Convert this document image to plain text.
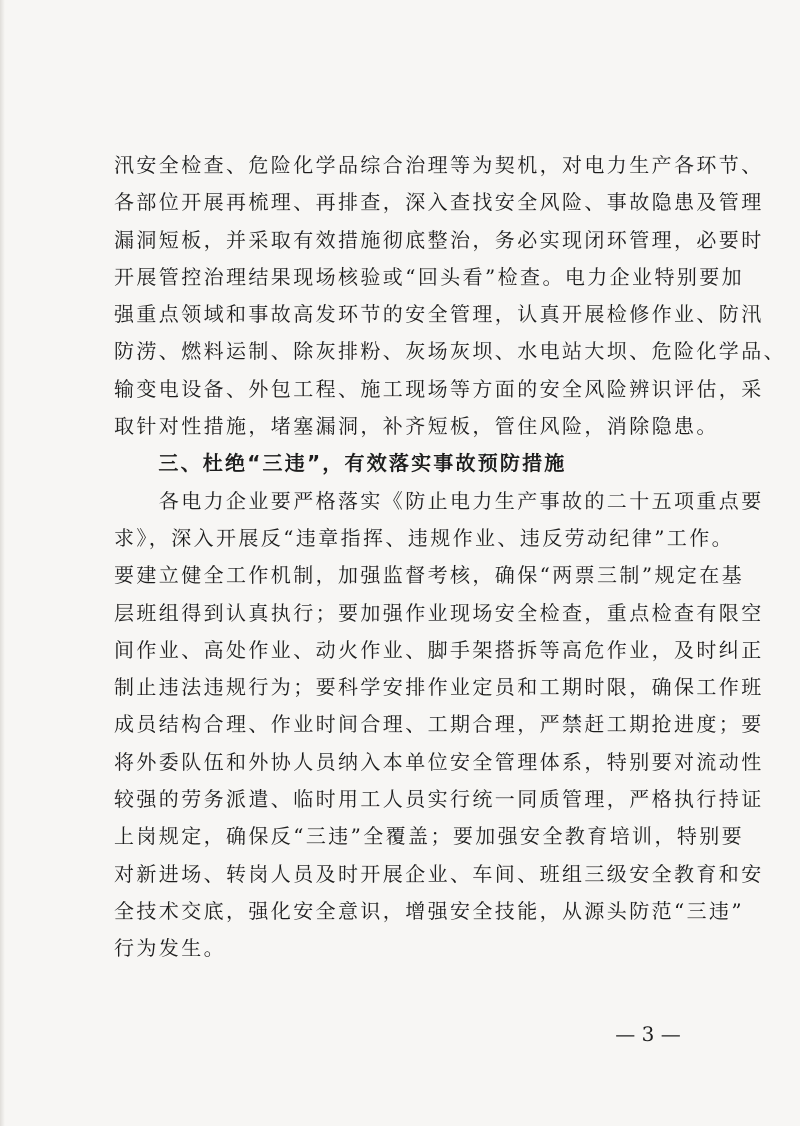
汛安全检查、危险化学品综合治理等为契机，对电力生产各环节、
各部位开展再梳理、再排查，深入查找安全风险、事故隐患及管理
漏洞短板，并采取有效措施彻底整治，务必实现闭环管理，必要时
开展管控治理结果现场核验或“回头看”检查。电力企业特别要加
强重点领域和事故高发环节的安全管理，认真开展检修作业、防汛
防涝、燃料运制、除灰排粉、灰场灰坝、水电站大坝、危险化学品、
输变电设备、外包工程、施工现场等方面的安全风险辨识评估，采
取针对性措施，堵塞漏洞，补齐短板，管住风险，消除隐患。
　　三、杜绝“三违”，有效落实事故预防措施
　　各电力企业要严格落实《防止电力生产事故的二十五项重点要
求》，深入开展反“违章指挥、违规作业、违反劳动纪律”工作。
要建立健全工作机制，加强监督考核，确保“两票三制”规定在基
层班组得到认真执行；要加强作业现场安全检查，重点检查有限空
间作业、高处作业、动火作业、脚手架搭拆等高危作业，及时纠正
制止违法违规行为；要科学安排作业定员和工期时限，确保工作班
成员结构合理、作业时间合理、工期合理，严禁赶工期抢进度；要
将外委队伍和外协人员纳入本单位安全管理体系，特别要对流动性
较强的劳务派遣、临时用工人员实行统一同质管理，严格执行持证
上岗规定，确保反“三违”全覆盖；要加强安全教育培训，特别要
对新进场、转岗人员及时开展企业、车间、班组三级安全教育和安
全技术交底，强化安全意识，增强安全技能，从源头防范“三违”
行为发生。
— 3 —
